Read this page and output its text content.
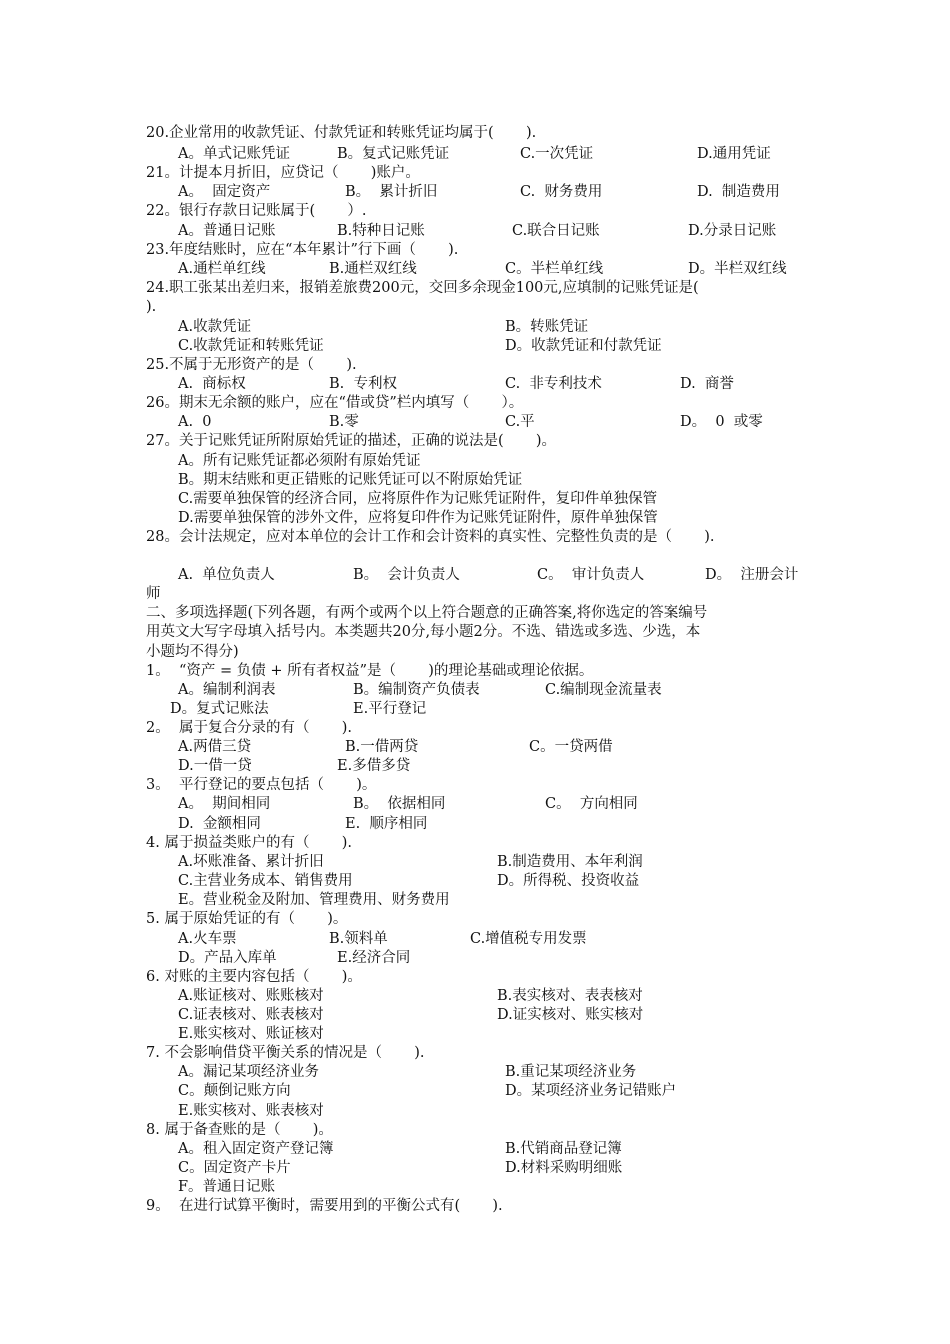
20.企业常用的收款凭证、付款凭证和转账凭证均属于(       ).
A。单式记账凭证	B。复式记账凭证	C.一次凭证	D.通用凭证
21。计提本月折旧，应贷记（       )账户。
A。  固定资产	B。  累计折旧	C.  财务费用	D.  制造费用
22。银行存款日记账属于(       ）.
A。普通日记账	B.特种日记账	C.联合日记账	D.分录日记账
23.年度结账时，应在“本年累计”行下画（       ).
A.通栏单红线	B.通栏双红线	C。半栏单红线	D。半栏双红线
24.职工张某出差归来，报销差旅费200元，交回多余现金100元,应填制的记账凭证是(
).
A.收款凭证	B。转账凭证
C.收款凭证和转账凭证	D。收款凭证和付款凭证
25.不属于无形资产的是（       ).
A.  商标权	B.  专利权	C.  非专利技术	D.  商誉
26。期末无余额的账户，应在“借或贷”栏内填写（       ）。
A.  0	B.零	C.平	D。  0  或零
27。关于记账凭证所附原始凭证的描述，正确的说法是(       )。
A。所有记账凭证都必须附有原始凭证
B。期末结账和更正错账的记账凭证可以不附原始凭证
C.需要单独保管的经济合同，应将原件作为记账凭证附件，复印件单独保管
D.需要单独保管的涉外文件，应将复印件作为记账凭证附件，原件单独保管
28。会计法规定，应对本单位的会计工作和会计资料的真实性、完整性负责的是（       ).
A.  单位负责人	B。  会计负责人	C。  审计负责人	D。  注册会计
师
二、多项选择题(下列各题，有两个或两个以上符合题意的正确答案,将你选定的答案编号
用英文大写字母填入括号内。本类题共20分,每小题2分。不选、错选或多选、少选，本
小题均不得分)
1。  “资产 = 负债 + 所有者权益”是（       )的理论基础或理论依据。
A。编制利润表	B。编制资产负债表	C.编制现金流量表
D。复式记账法	E.平行登记
2。  属于复合分录的有（       ).
A.两借三贷	B.一借两贷	C。一贷两借
D.一借一贷	E.多借多贷
3。  平行登记的要点包括（       )。
A。  期间相同	B。  依据相同	C。  方向相同
D.  金额相同	E.  顺序相同
4. 属于损益类账户的有（       ).
A.坏账准备、累计折旧	B.制造费用、本年利润
C.主营业务成本、销售费用	D。所得税、投资收益
E。营业税金及附加、管理费用、财务费用
5. 属于原始凭证的有（       )。
A.火车票	B.领料单	C.增值税专用发票
D。产品入库单	E.经济合同
6. 对账的主要内容包括（       )。
A.账证核对、账账核对	B.表实核对、表表核对
C.证表核对、账表核对	D.证实核对、账实核对
E.账实核对、账证核对
7. 不会影响借贷平衡关系的情况是（       ).
A。漏记某项经济业务	B.重记某项经济业务
C。颠倒记账方向	D。某项经济业务记错账户
E.账实核对、账表核对
8. 属于备查账的是（       )。
A。租入固定资产登记簿	B.代销商品登记簿
C。固定资产卡片	D.材料采购明细账
F。普通日记账
9。  在进行试算平衡时，需要用到的平衡公式有(       ).
